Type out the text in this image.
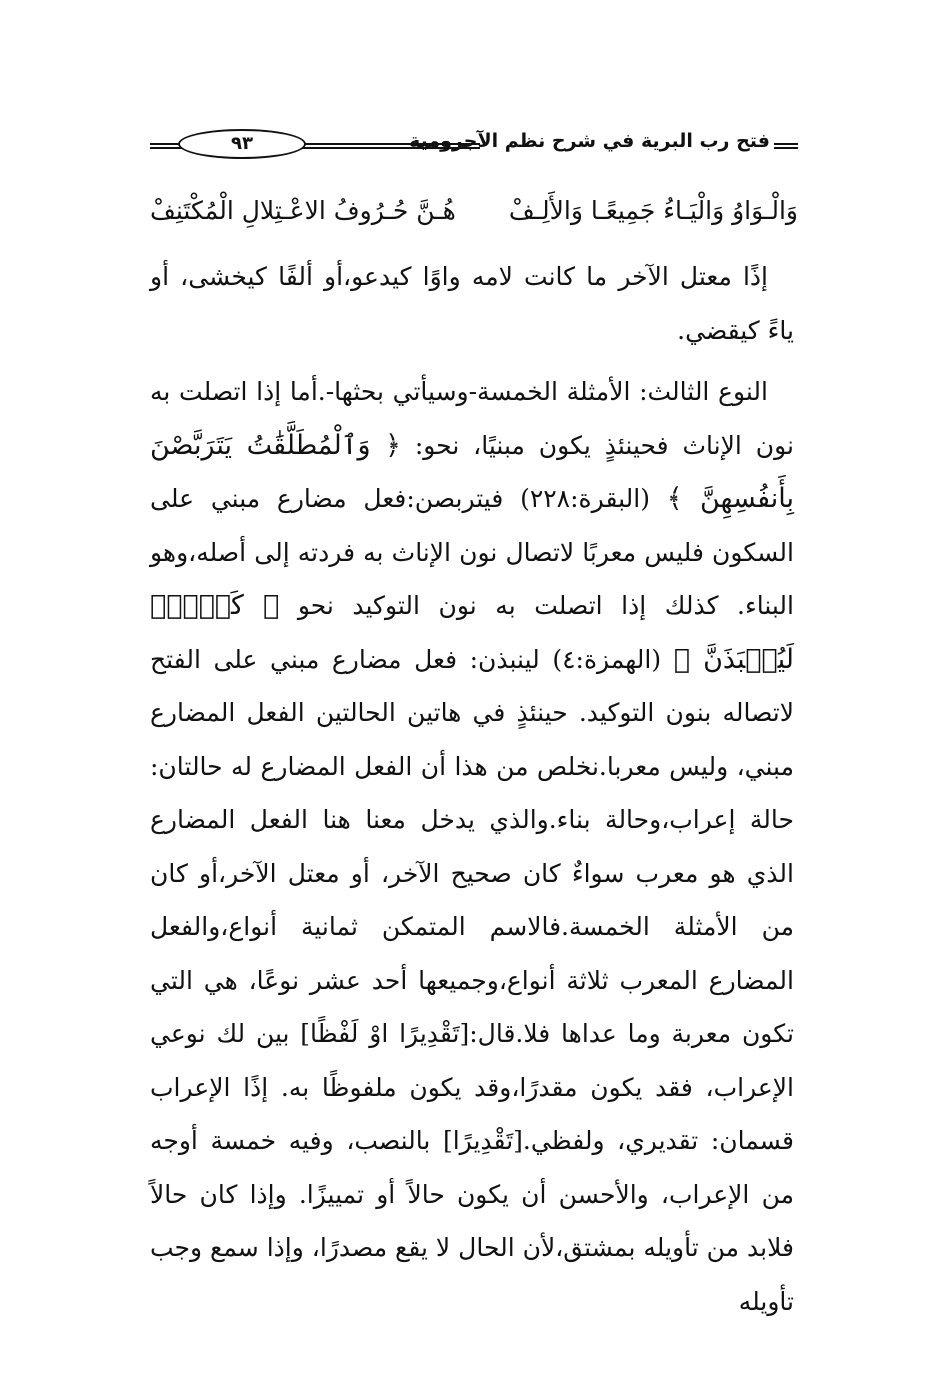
فتح رب البرية في شرح نظم الآجرومية
٩٣
وَالْـوَاوُ وَالْيَـاءُ جَمِيعًـا وَالأَلِـفْ
هُـنَّ حُـرُوفُ الاعْـتِلالِ الْمُكْتَنِفْ

إذًا معتل الآخر ما كانت لامه واوًا كيدعو،أو ألفًا كيخشى، أو ياءً كيقضي.

النوع الثالث: الأمثلة الخمسة-وسيأتي بحثها-.أما إذا اتصلت به نون الإناث فحينئذٍ يكون مبنيًا، نحو: ﴿ وَٱلْمُطَلَّقَٰتُ يَتَرَبَّصْنَ بِأَنفُسِهِنَّ ﴾ (البقرة:٢٢٨) فيتربصن:فعل مضارع مبني على السكون فليس معربًا لاتصال نون الإناث به فردته إلى أصله،وهو البناء. كذلك إذا اتصلت به نون التوكيد نحو ﴿ كَلَّاۖ لَيُنۢبَذَنَّ ﴾ (الهمزة:٤) لينبذن: فعل مضارع مبني على الفتح لاتصاله بنون التوكيد. حينئذٍ في هاتين الحالتين الفعل المضارع مبني، وليس معربا.نخلص من هذا أن الفعل المضارع له حالتان: حالة إعراب،وحالة بناء.والذي يدخل معنا هنا الفعل المضارع الذي هو معرب سواءٌ كان صحيح الآخر، أو معتل الآخر،أو كان من الأمثلة الخمسة.فالاسم المتمكن ثمانية أنواع،والفعل المضارع المعرب ثلاثة أنواع،وجميعها أحد عشر نوعًا، هي التي تكون معربة وما عداها فلا.قال:[تَقْدِيرًا اوْ لَفْظًا] بين لك نوعي الإعراب، فقد يكون مقدرًا،وقد يكون ملفوظًا به. إذًا الإعراب قسمان: تقديري، ولفظي.[تَقْدِيرًا] بالنصب، وفيه خمسة أوجه من الإعراب، والأحسن أن يكون حالاً أو تمييزًا. وإذا كان حالاً فلابد من تأويله بمشتق،لأن الحال لا يقع مصدرًا، وإذا سمع وجب تأويله
